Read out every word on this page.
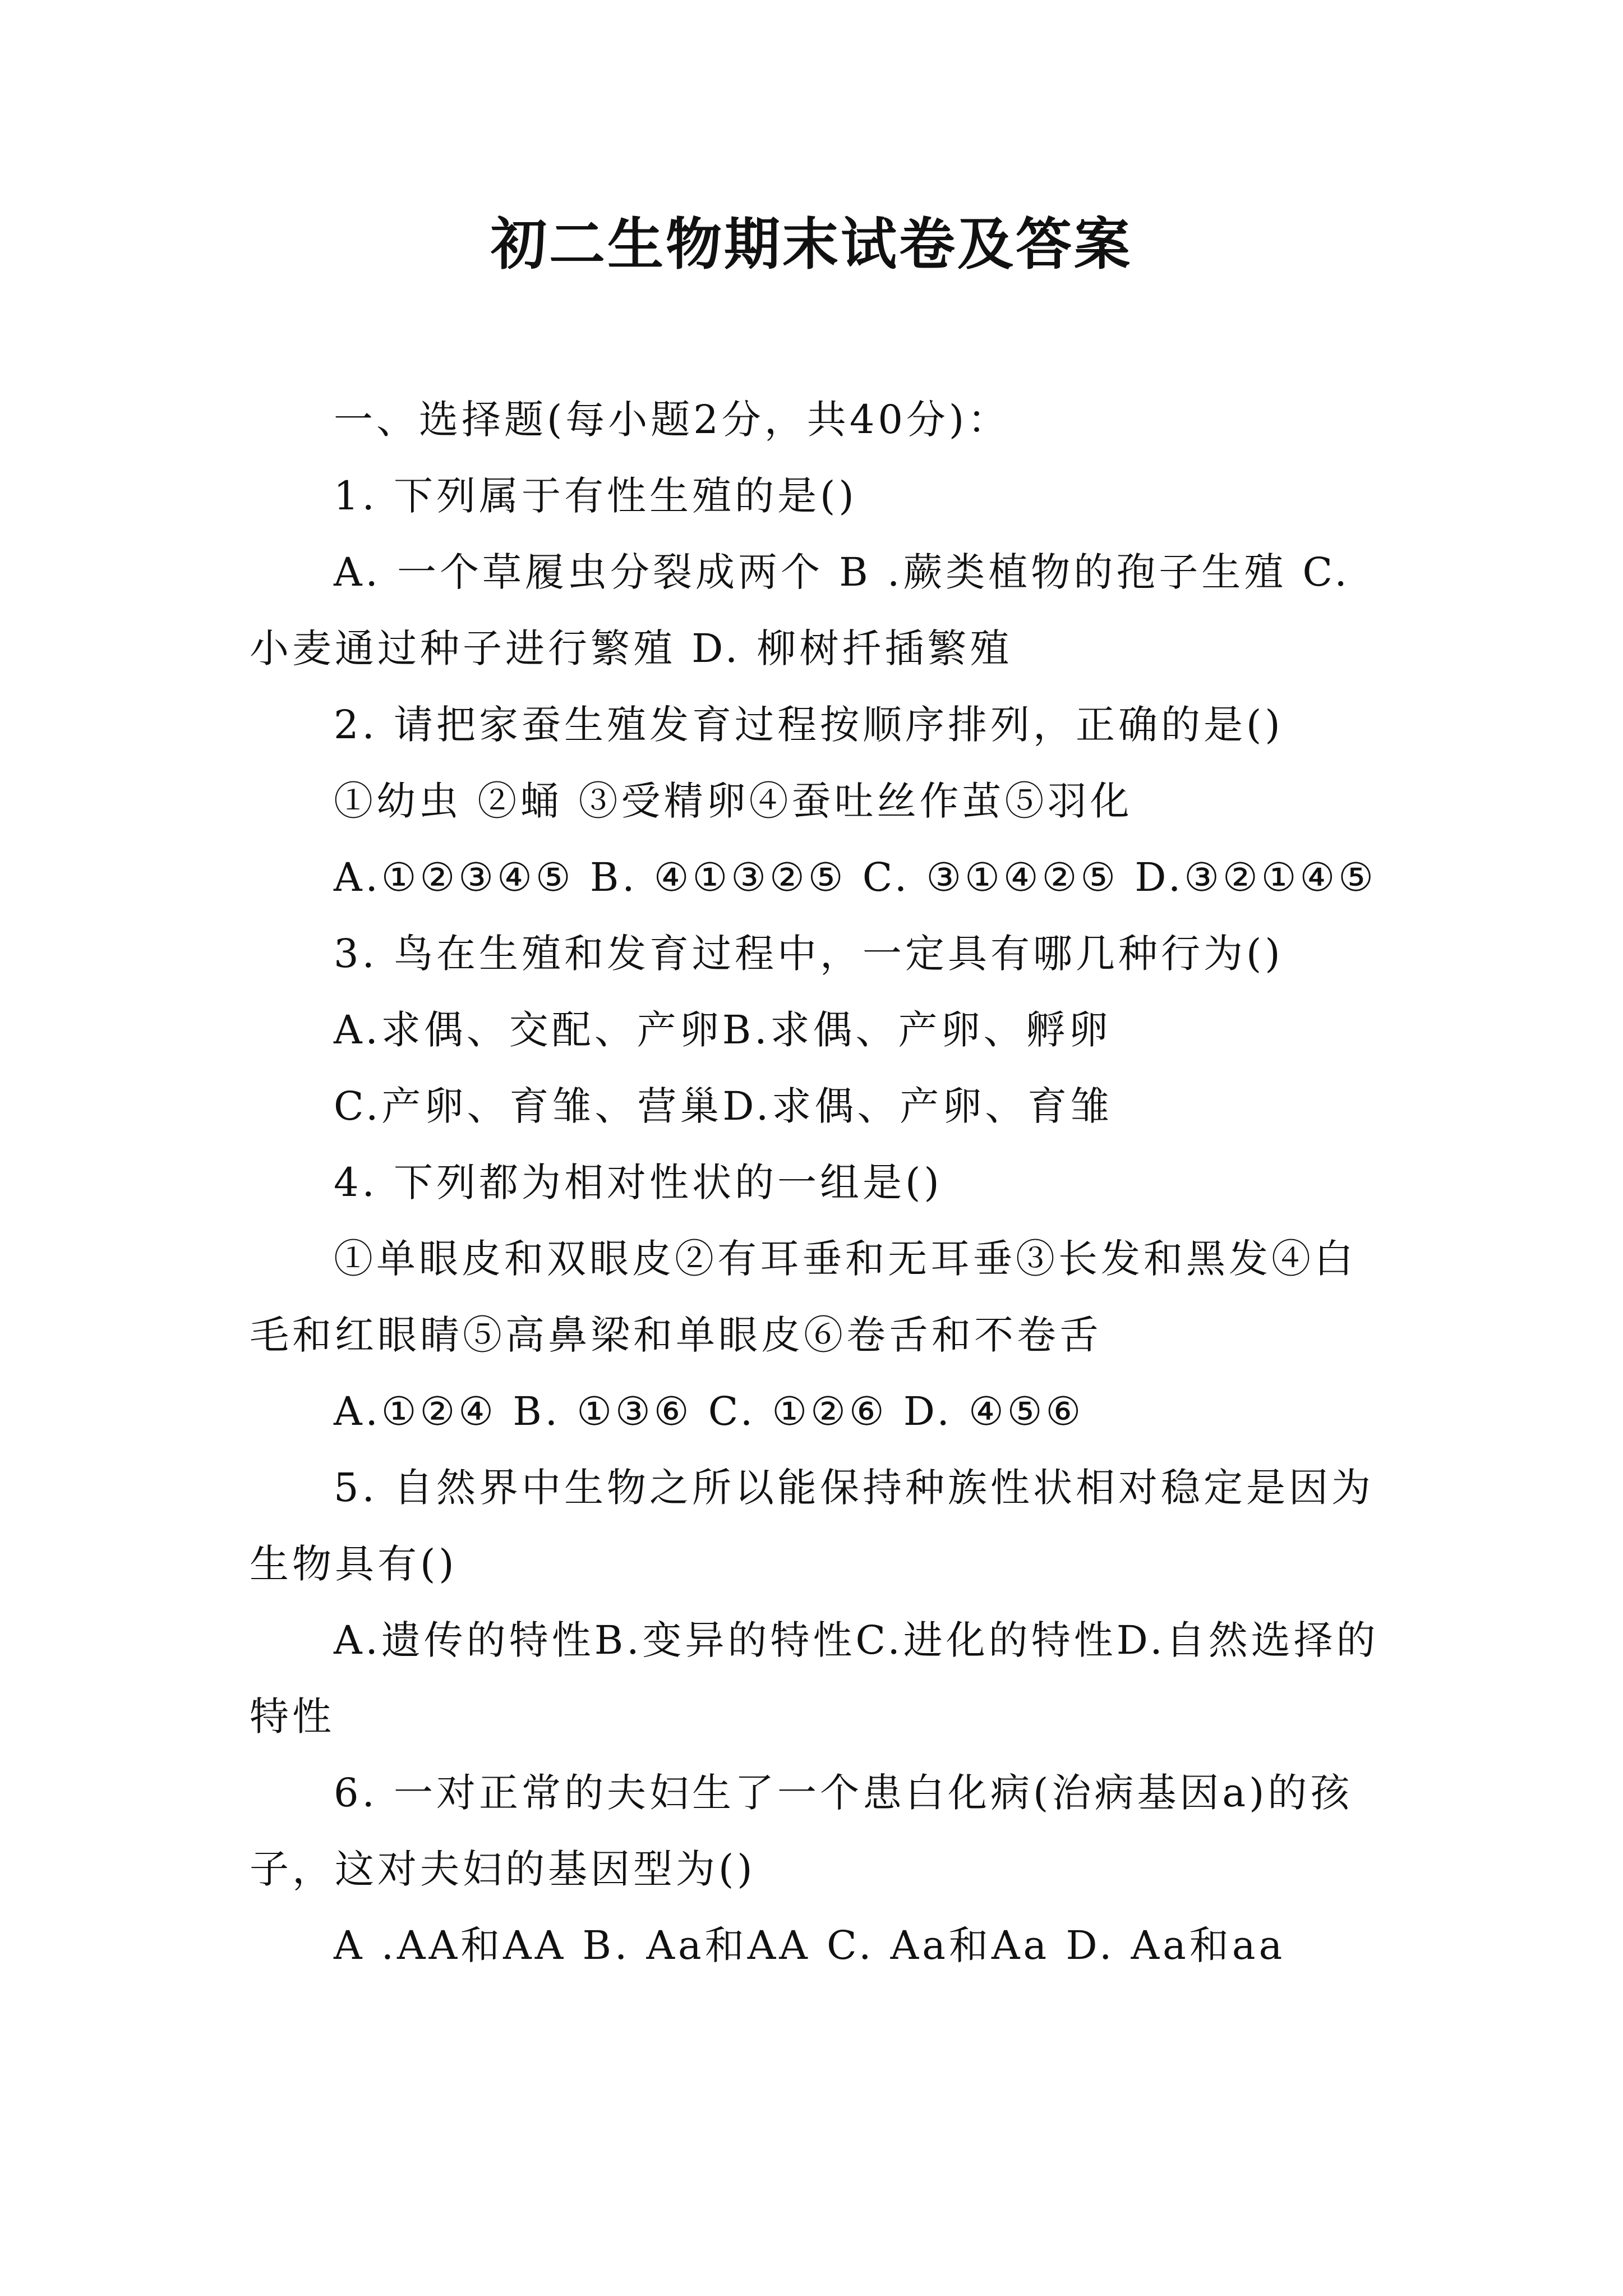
初二生物期末试卷及答案

一、选择题(每小题2分，共40分)：

1. 下列属于有性生殖的是()

A. 一个草履虫分裂成两个 B .蕨类植物的孢子生殖 C. 小麦通过种子进行繁殖 D. 柳树扦插繁殖

2. 请把家蚕生殖发育过程按顺序排列，正确的是()

①幼虫 ②蛹 ③受精卵④蚕吐丝作茧⑤羽化

A.①②③④⑤ B. ④①③②⑤ C. ③①④②⑤ D.③②①④⑤

3. 鸟在生殖和发育过程中，一定具有哪几种行为()

A.求偶、交配、产卵B.求偶、产卵、孵卵

C.产卵、育雏、营巢D.求偶、产卵、育雏

4. 下列都为相对性状的一组是()

①单眼皮和双眼皮②有耳垂和无耳垂③长发和黑发④白毛和红眼睛⑤高鼻梁和单眼皮⑥卷舌和不卷舌

A.①②④ B. ①③⑥ C. ①②⑥ D. ④⑤⑥

5. 自然界中生物之所以能保持种族性状相对稳定是因为生物具有()

A.遗传的特性B.变异的特性C.进化的特性D.自然选择的特性

6. 一对正常的夫妇生了一个患白化病(治病基因a)的孩子，这对夫妇的基因型为()

A .AA和AA B. Aa和AA C. Aa和Aa D. Aa和aa
